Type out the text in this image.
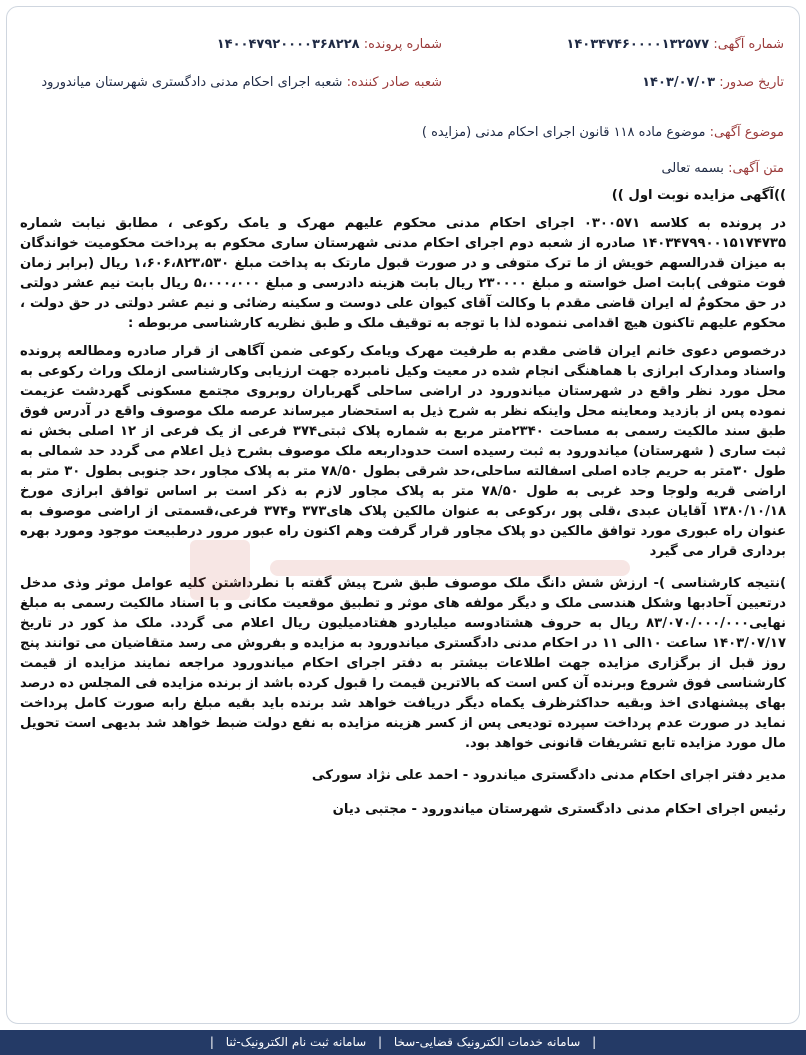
شماره آگهی: ۱۴۰۳۴۷۴۶۰۰۰۰۱۳۲۵۷۷
شماره پرونده: ۱۴۰۰۴۷۹۲۰۰۰۰۳۶۸۲۲۸
تاریخ صدور: ۱۴۰۳/۰۷/۰۳
شعبه صادر کننده: شعبه اجرای احکام مدنی دادگستری شهرستان میاندورود
موضوع آگهی: موضوع ماده ۱۱۸ قانون اجرای احکام مدنی (مزایده )
متن آگهی: بسمه تعالی

))آگهی مزایده نوبت اول ))

در پرونده به کلاسه ۰۳۰۰۵۷۱ اجرای احکام مدنی محکوم علیهم مهرک و یامک رکوعی ، مطابق نیابت شماره ۱۴۰۳۴۷۹۹۰۰۱۵۱۷۴۷۳۵ صادره از شعبه دوم اجرای احکام مدنی شهرستان ساری محکوم به پرداخت محکومیت خواندگان به میزان قدرالسهم خویش از ما ترک متوفی و در صورت قبول مارتک به پداخت مبلغ ۱،۶۰۶،۸۲۳،۵۳۰ ریال (برابر زمان فوت متوفی )بابت اصل خواسته و مبلغ ۲۳۰۰۰۰ ریال بابت هزینه دادرسی و مبلغ ۵،۰۰۰،۰۰۰ ریال بابت نیم عشر دولتی در حق محکومٌ له ایران قاضی مقدم با وکالت آقای کیوان علی دوست و سکینه رضائی و نیم عشر دولتی در حق دولت ، محکوم علیهم تاکنون هیچ اقدامی ننموده لذا با توجه به توقیف ملک و طبق نظریه کارشناسی مربوطه :

درخصوص دعوی خانم ایران قاضی مقدم به طرفیت مهرک ویامک رکوعی ضمن آگاهی از قرار صادره ومطالعه پرونده واسناد ومدارک ابرازی با هماهنگی انجام شده در معیت وکیل نامبرده جهت ارزیابی وکارشناسی ازملک وراث رکوعی به محل مورد نظر واقع در شهرستان میاندورود در اراضی ساحلی گهرباران روبروی مجتمع مسکونی گهردشت عزیمت نموده پس از بازدید ومعاینه محل واینکه نظر به شرح ذیل به استحضار میرساند عرصه ملک موصوف واقع در آدرس فوق طبق سند مالکیت رسمی به مساحت ۲۳۴۰متر مربع به شماره پلاک ثبتی۳۷۴ فرعی از یک فرعی از ۱۲ اصلی بخش نه ثبت ساری ( شهرستان) میاندورود به ثبت رسیده است حدوداربعه ملک موصوف بشرح ذیل اعلام می گردد حد شمالی به طول ۳۰متر به حریم جاده اصلی اسفالته ساحلی،حد شرقی بطول ۷۸/۵۰ متر به پلاک مجاور ،حد جنوبی بطول ۳۰ متر به اراضی قریه ولوجا وحد غربی به طول ۷۸/۵۰ متر به پلاک مجاور لازم به ذکر است بر اساس توافق ابرازی مورخ ۱۳۸۰/۱۰/۱۸ آقایان عبدی ،قلی پور ،رکوعی به عنوان مالکین پلاک های۳۷۳ و۳۷۴ فرعی،قسمتی از اراضی موصوف به عنوان راه عبوری مورد توافق مالکین دو پلاک مجاور قرار گرفت وهم اکنون راه عبور مرور درطبیعت موجود ومورد بهره برداری قرار می گیرد

)نتیجه کارشناسی )- ارزش شش دانگ ملک موصوف طبق شرح پیش گفته با نطرداشتن کلیه عوامل موثر وذی مدخل درتعیین آحادبها وشکل هندسی ملک و دیگر مولفه های موثر و تطبیق موقعیت مکانی و با اسناد مالکیت رسمی به مبلغ نهایی۸۳/۰۷۰/۰۰۰/۰۰۰ ریال به حروف هشتادوسه میلیاردو هفتادمیلیون ریال اعلام می گردد. ملک مذ کور در تاریخ ۱۴۰۳/۰۷/۱۷ ساعت ۱۰الی ۱۱ در احکام مدنی دادگستری میاندورود به مزایده و بفروش می رسد متقاضیان می توانند پنج روز قبل از برگزاری مزایده جهت اطلاعات بیشتر به دفتر اجرای احکام میاندورود مراجعه نمایند مزایده از قیمت کارشناسی فوق شروع وبرنده آن کس است که بالاترین قیمت را قبول کرده باشد از برنده مزایده فی المجلس ده درصد بهای پیشنهادی اخذ وبقیه حداکثرظرف یکماه دیگر دریافت خواهد شد برنده باید بقیه مبلغ رابه صورت کامل پرداخت نماید در صورت عدم پرداخت سپرده تودیعی پس از کسر هزینه مزایده به نفع دولت ضبط خواهد شد بدیهی است تحویل مال مورد مزایده تابع تشریفات قانونی خواهد بود.

مدیر دفتر اجرای احکام مدنی دادگستری میاندرود - احمد علی نژاد سورکی

رئیس اجرای احکام مدنی دادگستری شهرستان میاندورود - مجتبی دیان

| سامانه خدمات الکترونیک قضایی-سخا | سامانه ثبت نام الکترونیک-ثنا |
